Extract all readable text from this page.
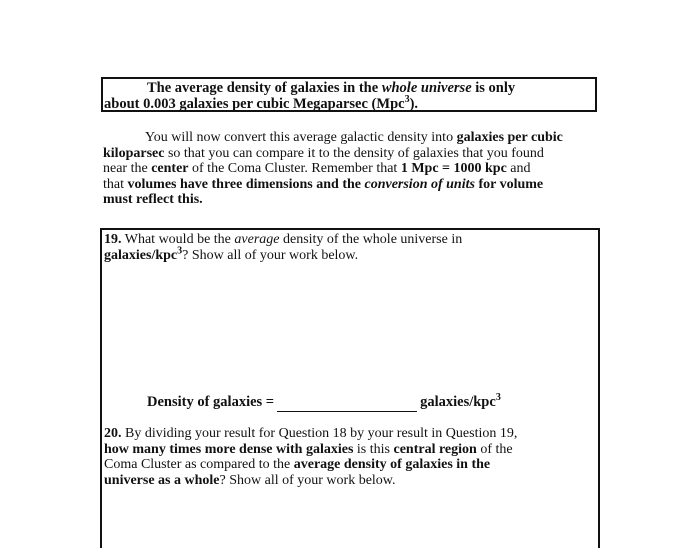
The average density of galaxies in the whole universe is only
about 0.003 galaxies per cubic Megaparsec (Mpc$^3$).
You will now convert this average galactic density into galaxies per cubic
kiloparsec so that you can compare it to the density of galaxies that you found
near the center of the Coma Cluster. Remember that 1 Mpc = 1000 kpc and
that volumes have three dimensions and the conversion of units for volume
must reflect this.
19. What would be the average density of the whole universe in
galaxies/kpc$^3$? Show all of your work below.
Density of galaxies =	galaxies/kpc$^3$
20. By dividing your result for Question 18 by your result in Question 19,
how many times more dense with galaxies is this central region of the
Coma Cluster as compared to the average density of galaxies in the
universe as a whole? Show all of your work below.
